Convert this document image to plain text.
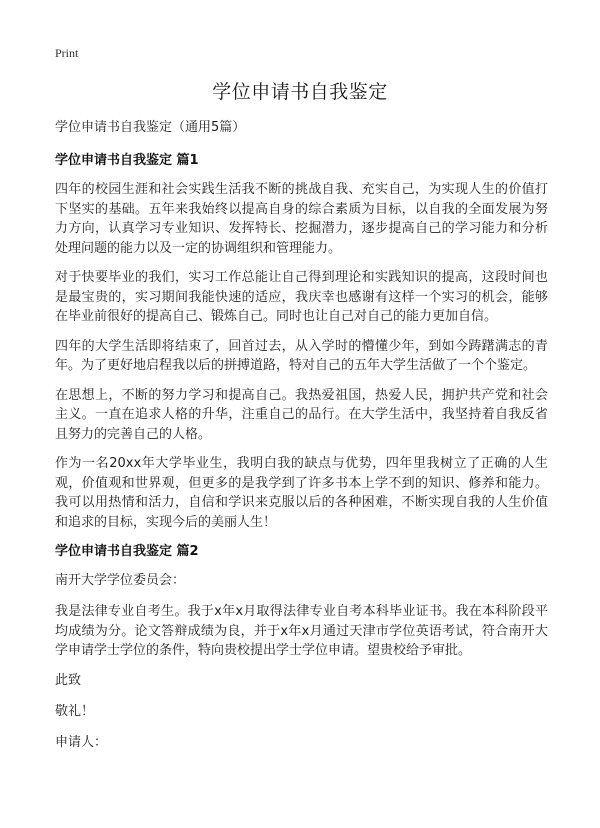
Print
学位申请书自我鉴定

学位申请书自我鉴定（通用5篇）

学位申请书自我鉴定 篇1

四年的校园生涯和社会实践生活我不断的挑战自我、充实自己，为实现人生的价值打下坚实的基础。五年来我始终以提高自身的综合素质为目标，以自我的全面发展为努力方向，认真学习专业知识、发挥特长、挖掘潜力，逐步提高自己的学习能力和分析处理问题的能力以及一定的协调组织和管理能力。

对于快要毕业的我们，实习工作总能让自己得到理论和实践知识的提高，这段时间也是最宝贵的，实习期间我能快速的适应，我庆幸也感谢有这样一个实习的机会，能够在毕业前很好的提高自己、锻炼自己。同时也让自己对自己的能力更加自信。

四年的大学生活即将结束了，回首过去，从入学时的懵懂少年，到如今踌躇满志的青年。为了更好地启程我以后的拼搏道路，特对自己的五年大学生活做了一个个鉴定。

在思想上，不断的努力学习和提高自己。我热爱祖国，热爱人民，拥护共产党和社会主义。一直在追求人格的升华，注重自己的品行。在大学生活中，我坚持着自我反省且努力的完善自己的人格。

作为一名20xx年大学毕业生，我明白我的缺点与优势，四年里我树立了正确的人生观，价值观和世界观，但更多的是我学到了许多书本上学不到的知识、修养和能力。我可以用热情和活力，自信和学识来克服以后的各种困难，不断实现自我的人生价值和追求的目标，实现今后的美丽人生！

学位申请书自我鉴定 篇2

南开大学学位委员会：

我是法律专业自考生。我于x年x月取得法律专业自考本科毕业证书。我在本科阶段平均成绩为分。论文答辩成绩为良，并于x年x月通过天津市学位英语考试，符合南开大学申请学士学位的条件，特向贵校提出学士学位申请。望贵校给予审批。

此致

敬礼！

申请人：
